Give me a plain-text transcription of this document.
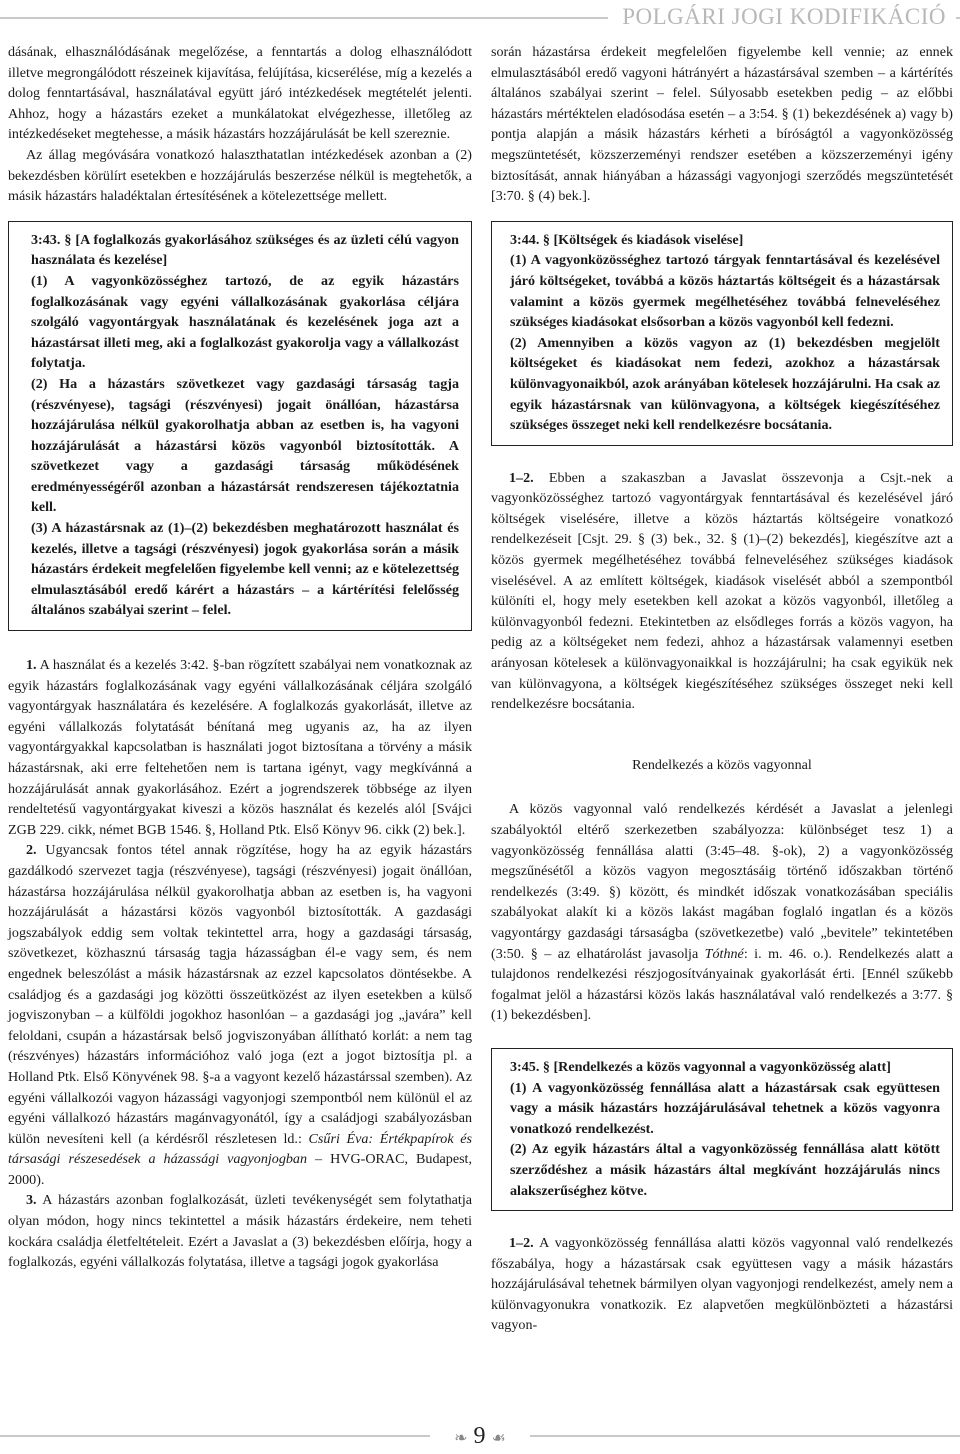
POLGÁRI JOGI KODIFIKÁCIÓ

dásának, elhasználódásának megelőzése, a fenntartás a dolog elhasználódott illetve megrongálódott részeinek kijavítása, felújítása, kicserélése, míg a kezelés a dolog fenntartásával, használatával együtt járó intézkedések megtételét jelenti. Ahhoz, hogy a házastárs ezeket a munkálatokat elvégezhesse, illetőleg az intézkedéseket megtehesse, a másik házastárs hozzájárulását be kell szereznie.

Az állag megóvására vonatkozó halaszthatatlan intézkedések azonban a (2) bekezdésben körülírt esetekben e hozzájárulás beszerzése nélkül is megtehetők, a másik házastárs haladéktalan értesítésének a kötelezettsége mellett.

3:43. § [A foglalkozás gyakorlásához szükséges és az üzleti célú vagyon használata és kezelése]

(1) A vagyonközösséghez tartozó, de az egyik házastárs foglalkozásának vagy egyéni vállalkozásának gyakorlása céljára szolgáló vagyontárgyak használatának és kezelésének joga azt a házastársat illeti meg, aki a foglalkozást gyakorolja vagy a vállalkozást folytatja.

(2) Ha a házastárs szövetkezet vagy gazdasági társaság tagja (részvényese), tagsági (részvényesi) jogait önállóan, házastársa hozzájárulása nélkül gyakorolhatja abban az esetben is, ha vagyoni hozzájárulását a házastársi közös vagyonból biztosították. A szövetkezet vagy a gazdasági társaság működésének eredményességéről azonban a házastársát rendszeresen tájékoztatnia kell.

(3) A házastársnak az (1)–(2) bekezdésben meghatározott használat és kezelés, illetve a tagsági (részvényesi) jogok gyakorlása során a másik házastárs érdekeit megfelelően figyelembe kell venni; az e kötelezettség elmulasztásából eredő kárért a házastárs – a kártérítési felelősség általános szabályai szerint – felel.

1. A használat és a kezelés 3:42. §-ban rögzített szabályai nem vonatkoznak az egyik házastárs foglalkozásának vagy egyéni vállalkozásának céljára szolgáló vagyontárgyak használatára és kezelésére. A foglalkozás gyakorlását, illetve az egyéni vállalkozás folytatását bénítaná meg ugyanis az, ha az ilyen vagyontárgyakkal kapcsolatban is használati jogot biztosítana a törvény a másik házastársnak, aki erre feltehetően nem is tartana igényt, vagy megkívánná a hozzájárulását annak gyakorlásához. Ezért a jogrendszerek többsége az ilyen rendeltetésű vagyontárgyakat kiveszi a közös használat és kezelés alól [Svájci ZGB 229. cikk, német BGB 1546. §, Holland Ptk. Első Könyv 96. cikk (2) bek.].

2. Ugyancsak fontos tétel annak rögzítése, hogy ha az egyik házastárs gazdálkodó szervezet tagja (részvényese), tagsági (részvényesi) jogait önállóan, házastársa hozzájárulása nélkül gyakorolhatja abban az esetben is, ha vagyoni hozzájárulását a házastársi közös vagyonból biztosították. A gazdasági jogszabályok eddig sem voltak tekintettel arra, hogy a gazdasági társaság, szövetkezet, közhasznú társaság tagja házasságban él-e vagy sem, és nem engednek beleszólást a másik házastársnak az ezzel kapcsolatos döntésekbe. A családjog és a gazdasági jog közötti összeütközést az ilyen esetekben a külső jogviszonyban – a külföldi jogokhoz hasonlóan – a gazdasági jog „javára” kell feloldani, csupán a házastársak belső jogviszonyában állítható korlát: a nem tag (részvényes) házastárs információhoz való joga (ezt a jogot biztosítja pl. a Holland Ptk. Első Könyvének 98. §-a a vagyont kezelő házastárssal szemben). Az egyéni vállalkozói vagyon házassági vagyonjogi szempontból nem különül el az egyéni vállalkozó házastárs magánvagyonától, így a családjogi szabályozásban külön nevesíteni kell (a kérdésről részletesen ld.: Csűri Éva: Értékpapírok és társasági részesedések a házassági vagyonjogban – HVG-ORAC, Budapest, 2000).

3. A házastárs azonban foglalkozását, üzleti tevékenységét sem folytathatja olyan módon, hogy nincs tekintettel a másik házastárs érdekeire, nem teheti kockára családja életfeltételeit. Ezért a Javaslat a (3) bekezdésben előírja, hogy a foglalkozás, egyéni vállalkozás folytatása, illetve a tagsági jogok gyakorlása

során házastársa érdekeit megfelelően figyelembe kell vennie; az ennek elmulasztásából eredő vagyoni hátrányért a házastársával szemben – a kártérítés általános szabályai szerint – felel. Súlyosabb esetekben pedig – az előbbi házastárs mértéktelen eladósodása esetén – a 3:54. § (1) bekezdésének a) vagy b) pontja alapján a másik házastárs kérheti a bíróságtól a vagyonközösség megszüntetését, közszerzeményi rendszer esetében a közszerzeményi igény biztosítását, annak hiányában a házassági vagyonjogi szerződés megszüntetését [3:70. § (4) bek.].

3:44. § [Költségek és kiadások viselése]

(1) A vagyonközösséghez tartozó tárgyak fenntartásával és kezelésével járó költségeket, továbbá a közös háztartás költségeit és a házastársak valamint a közös gyermek megélhetéséhez továbbá felneveléséhez szükséges kiadásokat elsősorban a közös vagyonból kell fedezni.

(2) Amennyiben a közös vagyon az (1) bekezdésben megjelölt költségeket és kiadásokat nem fedezi, azokhoz a házastársak különvagyonaikból, azok arányában kötelesek hozzájárulni. Ha csak az egyik házastársnak van különvagyona, a költségek kiegészítéséhez szükséges összeget neki kell rendelkezésre bocsátania.

1–2. Ebben a szakaszban a Javaslat összevonja a Csjt.-nek a vagyonközösséghez tartozó vagyontárgyak fenntartásával és kezelésével járó költségek viselésére, illetve a közös háztartás költségeire vonatkozó rendelkezéseit [Csjt. 29. § (3) bek., 32. § (1)–(2) bekezdés], kiegészítve azt a közös gyermek megélhetéséhez továbbá felneveléséhez szükséges kiadások viselésével. A az említett költségek, kiadások viselését abból a szempontból különíti el, hogy mely esetekben kell azokat a közös vagyonból, illetőleg a különvagyonból fedezni. Etekintetben az elsődleges forrás a közös vagyon, ha pedig az a költségeket nem fedezi, ahhoz a házastársak valamennyi esetben arányosan kötelesek a különvagyonaikkal is hozzájárulni; ha csak egyikük nek van különvagyona, a költségek kiegészítéséhez szükséges összeget neki kell rendelkezésre bocsátania.

Rendelkezés a közös vagyonnal

A közös vagyonnal való rendelkezés kérdését a Javaslat a jelenlegi szabályoktól eltérő szerkezetben szabályozza: különbséget tesz 1) a vagyonközösség fennállása alatti (3:45–48. §-ok), 2) a vagyonközösség megszűnésétől a közös vagyon megosztásáig történő időszakban történő rendelkezés (3:49. §) között, és mindkét időszak vonatkozásában speciális szabályokat alakít ki a közös lakást magában foglaló ingatlan és a közös vagyontárgy gazdasági társaságba (szövetkezetbe) való „bevitele” tekintetében (3:50. § – az elhatárolást javasolja Tóthné: i. m. 46. o.). Rendelkezés alatt a tulajdonos rendelkezési részjogosítványainak gyakorlását érti. [Ennél szűkebb fogalmat jelöl a házastársi közös lakás használatával való rendelkezés a 3:77. § (1) bekezdésben].

3:45. § [Rendelkezés a közös vagyonnal a vagyonközösség alatt]

(1) A vagyonközösség fennállása alatt a házastársak csak együttesen vagy a másik házastárs hozzájárulásával tehetnek a közös vagyonra vonatkozó rendelkezést.

(2) Az egyik házastárs által a vagyonközösség fennállása alatt kötött szerződéshez a másik házastárs által megkívánt hozzájárulás nincs alakszerűséghez kötve.

1–2. A vagyonközösség fennállása alatti közös vagyonnal való rendelkezés főszabálya, hogy a házastársak csak együttesen vagy a másik házastárs hozzájárulásával tehetnek bármilyen olyan vagyonjogi rendelkezést, amely nem a különvagyonukra vonatkozik. Ez alapvetően megkülönbözteti a házastársi vagyon-

❧ 9 ☙
